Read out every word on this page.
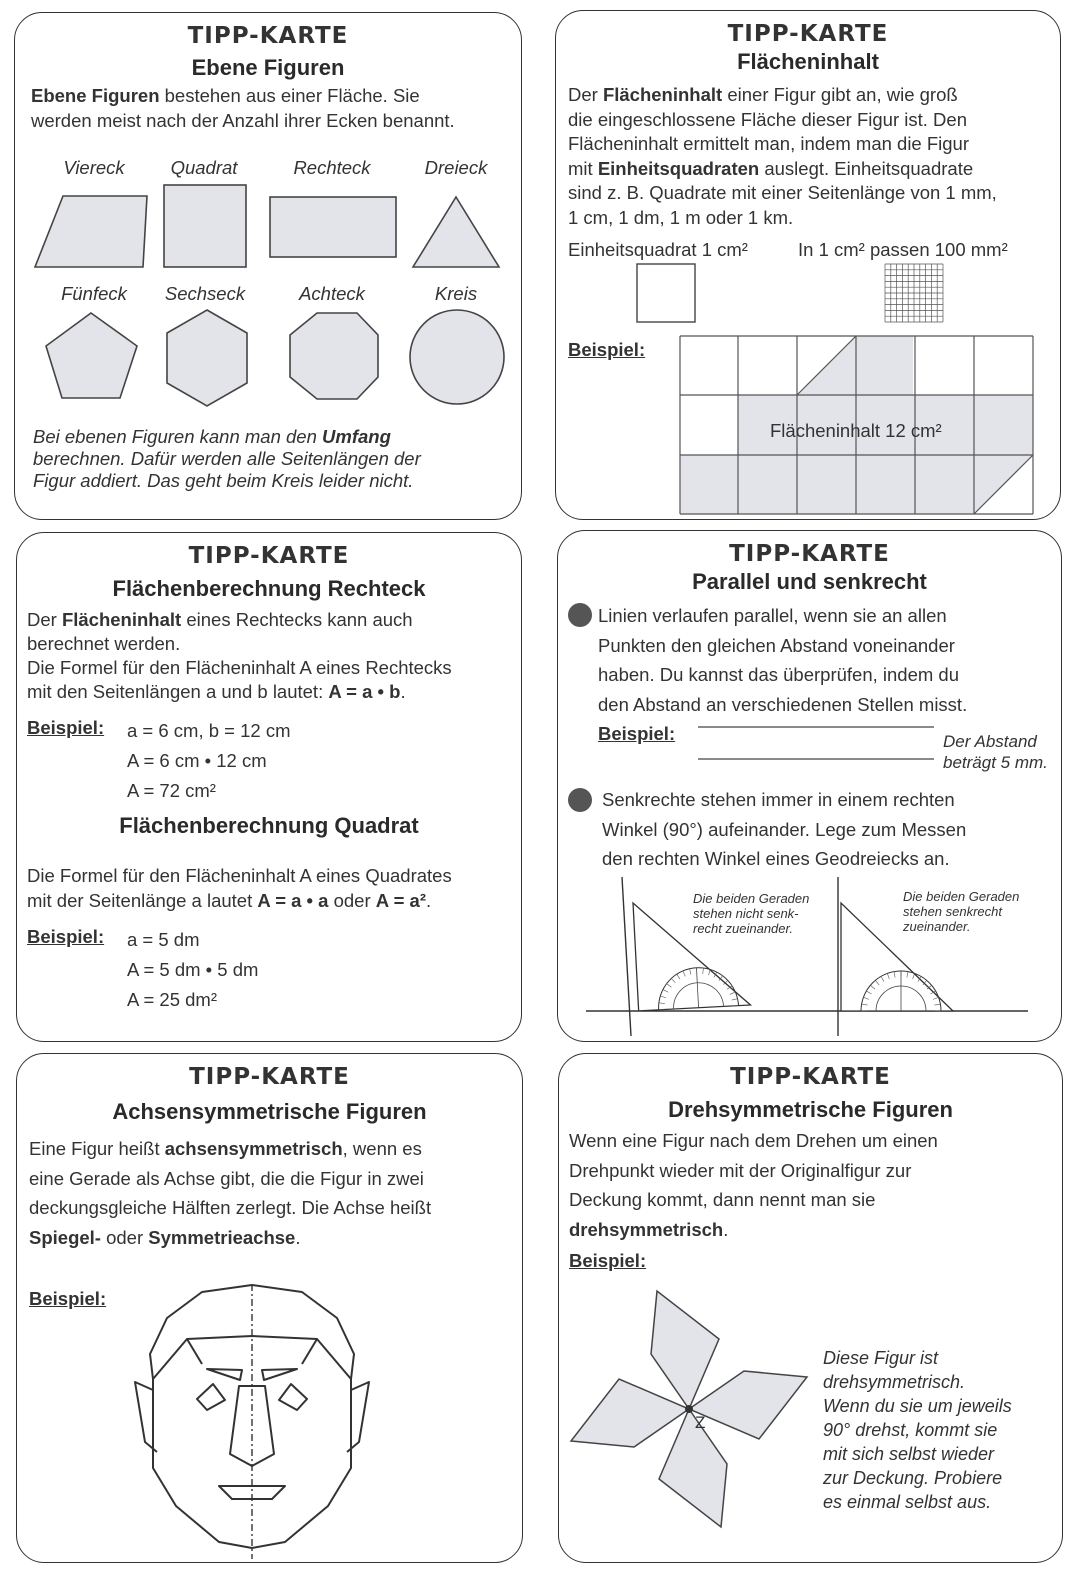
TIPP-KARTE
Ebene Figuren
Ebene Figuren bestehen aus einer Fläche. Sie
werden meist nach der Anzahl ihrer Ecken benannt.
Viereck	Quadrat	Rechteck	Dreieck
Fünfeck	Sechseck	Achteck	Kreis
Bei ebenen Figuren kann man den Umfang
berechnen. Dafür werden alle Seitenlängen der
Figur addiert. Das geht beim Kreis leider nicht.
TIPP-KARTE
Flächeninhalt
Der Flächeninhalt einer Figur gibt an, wie groß
die eingeschlossene Fläche dieser Figur ist. Den
Flächeninhalt ermittelt man, indem man die Figur
mit Einheitsquadraten auslegt. Einheitsquadrate
sind z. B. Quadrate mit einer Seitenlänge von 1 mm,
1 cm, 1 dm, 1 m oder 1 km.
Einheitsquadrat 1 cm²	In 1 cm² passen 100 mm²
Beispiel:
Flächeninhalt 12 cm²
TIPP-KARTE
Flächenberechnung Rechteck
Der Flächeninhalt eines Rechtecks kann auch
berechnet werden.
Die Formel für den Flächeninhalt A eines Rechtecks
mit den Seitenlängen a und b lautet: A = a • b.
Beispiel: a = 6 cm, b = 12 cm
A = 6 cm • 12 cm
A = 72 cm²
Flächenberechnung Quadrat
Die Formel für den Flächeninhalt A eines Quadrates
mit der Seitenlänge a lautet A = a • a oder A = a².
Beispiel: a = 5 dm
A = 5 dm • 5 dm
A = 25 dm²
TIPP-KARTE
Parallel und senkrecht
Linien verlaufen parallel, wenn sie an allen
Punkten den gleichen Abstand voneinander
haben. Du kannst das überprüfen, indem du
den Abstand an verschiedenen Stellen misst.
Beispiel:	Der Abstand
beträgt 5 mm.
Senkrechte stehen immer in einem rechten
Winkel (90°) aufeinander. Lege zum Messen
den rechten Winkel eines Geodreiecks an.
Die beiden Geraden
stehen nicht senk-
recht zueinander.
Die beiden Geraden
stehen senkrecht
zueinander.
TIPP-KARTE
Achsensymmetrische Figuren
Eine Figur heißt achsensymmetrisch, wenn es
eine Gerade als Achse gibt, die die Figur in zwei
deckungsgleiche Hälften zerlegt. Die Achse heißt
Spiegel- oder Symmetrieachse.
Beispiel:
TIPP-KARTE
Drehsymmetrische Figuren
Wenn eine Figur nach dem Drehen um einen
Drehpunkt wieder mit der Originalfigur zur
Deckung kommt, dann nennt man sie
drehsymmetrisch.
Beispiel:
Z
Diese Figur ist
drehsymmetrisch.
Wenn du sie um jeweils
90° drehst, kommt sie
mit sich selbst wieder
zur Deckung. Probiere
es einmal selbst aus.
